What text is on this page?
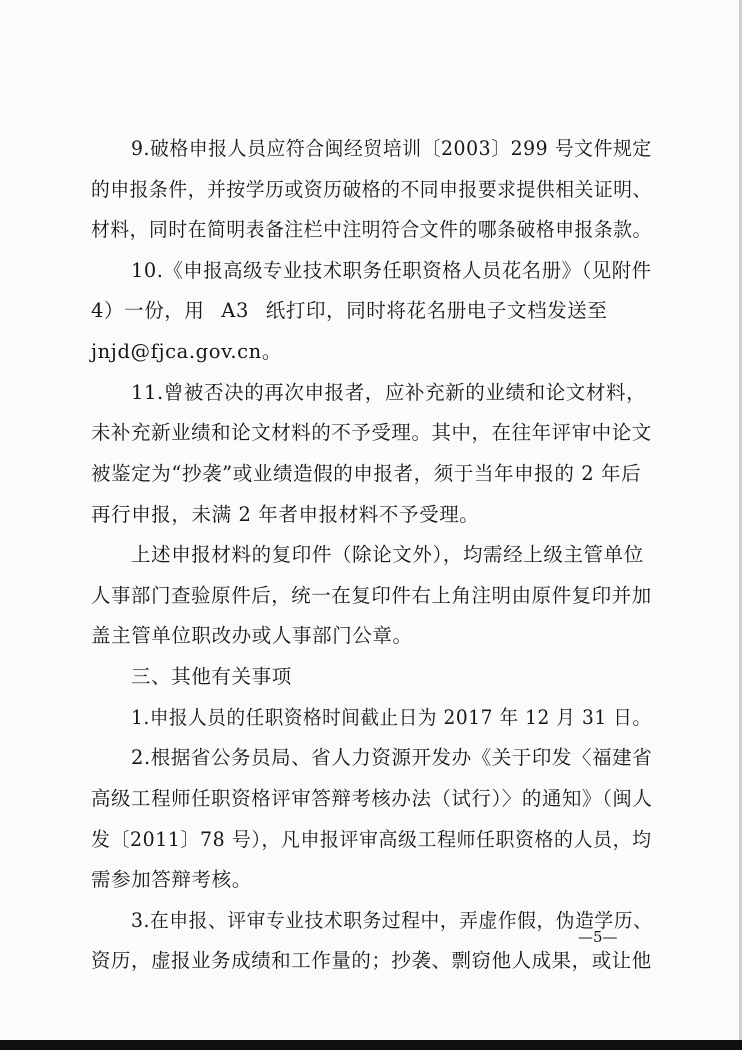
9.破格申报人员应符合闽经贸培训〔2003〕299 号文件规定
的申报条件，并按学历或资历破格的不同申报要求提供相关证明、
材料，同时在简明表备注栏中注明符合文件的哪条破格申报条款。
10.《申报高级专业技术职务任职资格人员花名册》（见附件
4）一份，用 A3 纸打印，同时将花名册电子文档发送至
jnjd@fjca.gov.cn。
11.曾被否决的再次申报者，应补充新的业绩和论文材料，
未补充新业绩和论文材料的不予受理。其中，在往年评审中论文
被鉴定为“抄袭”或业绩造假的申报者，须于当年申报的 2 年后
再行申报，未满 2 年者申报材料不予受理。
上述申报材料的复印件（除论文外），均需经上级主管单位
人事部门查验原件后，统一在复印件右上角注明由原件复印并加
盖主管单位职改办或人事部门公章。
三、其他有关事项
1.申报人员的任职资格时间截止日为 2017 年 12 月 31 日。
2.根据省公务员局、省人力资源开发办《关于印发〈福建省
高级工程师任职资格评审答辩考核办法（试行）〉的通知》（闽人
发〔2011〕78 号），凡申报评审高级工程师任职资格的人员，均
需参加答辩考核。
3.在申报、评审专业技术职务过程中，弄虚作假，伪造学历、
资历，虚报业务成绩和工作量的；抄袭、剽窃他人成果，或让他
—5—
